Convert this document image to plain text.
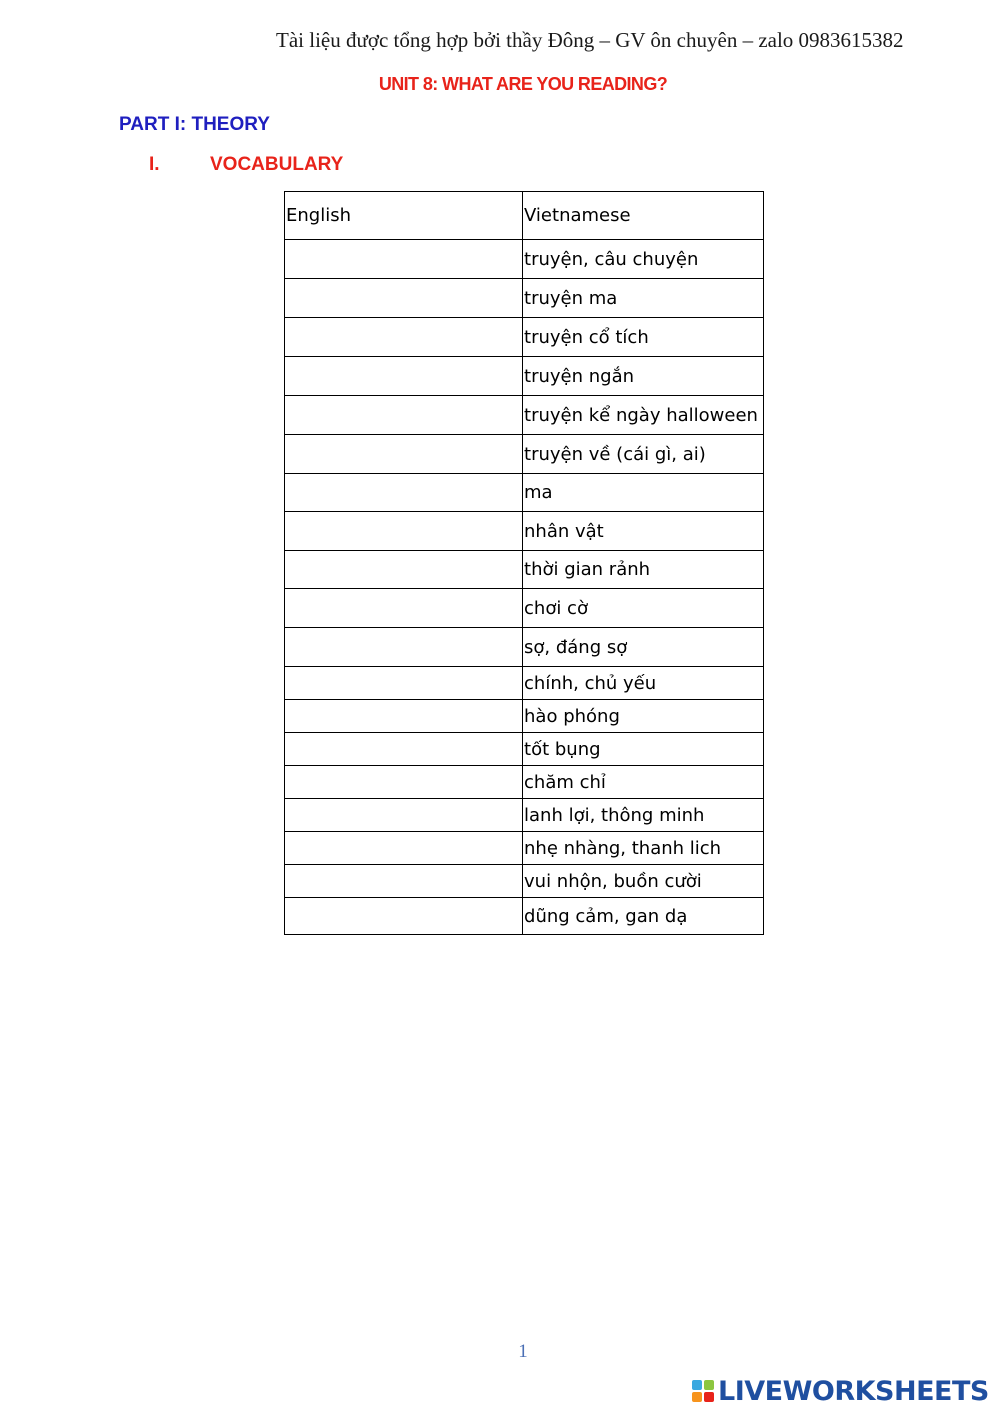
Tài liệu được tổng hợp bởi thầy Đông – GV ôn chuyên – zalo 0983615382
UNIT 8: WHAT ARE YOU READING?
PART I: THEORY
I.	VOCABULARY
English	Vietnamese
	truyện, câu chuyện
	truyện ma
	truyện cổ tích
	truyện ngắn
	truyện kể ngày halloween
	truyện về (cái gì, ai)
	ma
	nhân vật
	thời gian rảnh
	chơi cờ
	sợ, đáng sợ
	chính, chủ yếu
	hào phóng
	tốt bụng
	chăm chỉ
	lanh lợi, thông minh
	nhẹ nhàng, thanh lich
	vui nhộn, buồn cười
	dũng cảm, gan dạ
1
LIVEWORKSHEETS
